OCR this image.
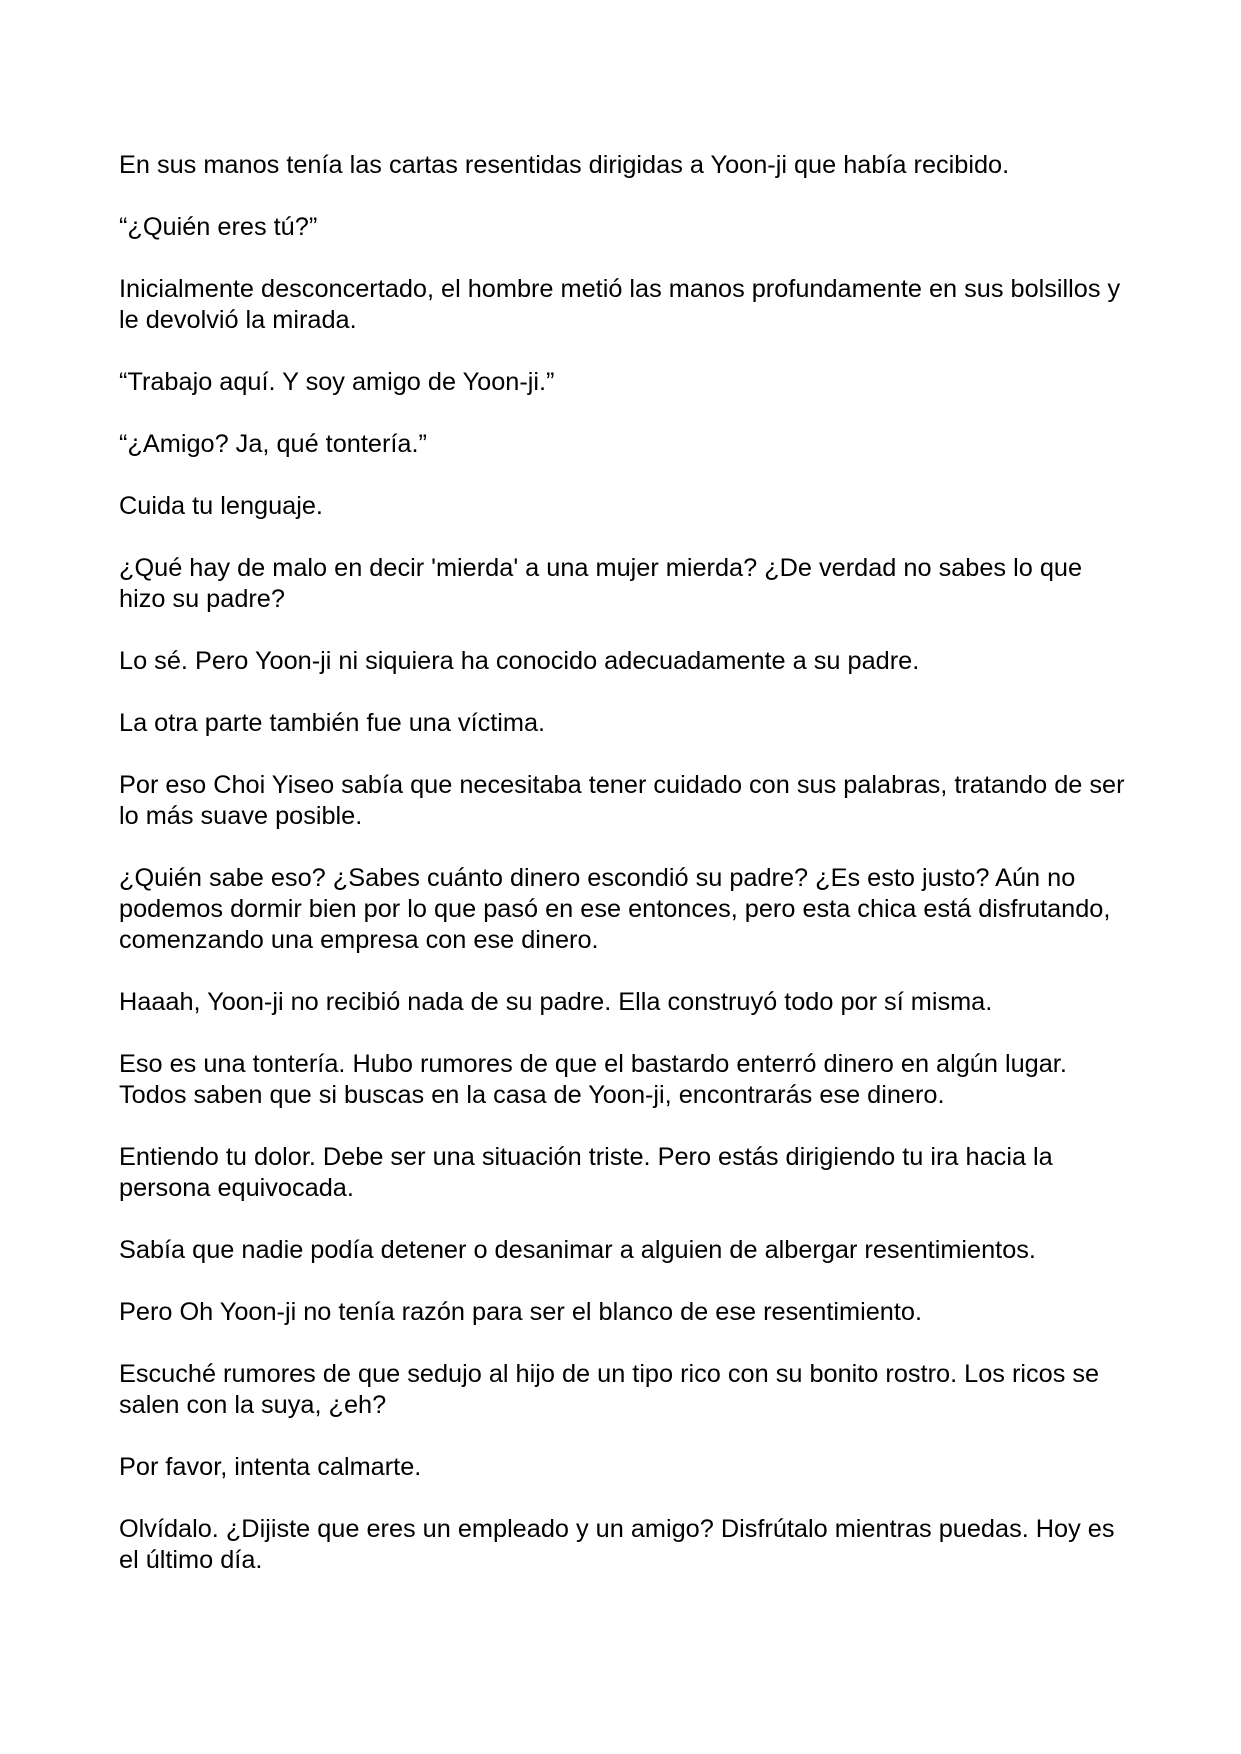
En sus manos tenía las cartas resentidas dirigidas a Yoon-ji que había recibido.

“¿Quién eres tú?”

Inicialmente desconcertado, el hombre metió las manos profundamente en sus bolsillos y le devolvió la mirada.

“Trabajo aquí. Y soy amigo de Yoon-ji.”

“¿Amigo? Ja, qué tontería.”

Cuida tu lenguaje.

¿Qué hay de malo en decir 'mierda' a una mujer mierda? ¿De verdad no sabes lo que hizo su padre?

Lo sé. Pero Yoon-ji ni siquiera ha conocido adecuadamente a su padre.

La otra parte también fue una víctima.

Por eso Choi Yiseo sabía que necesitaba tener cuidado con sus palabras, tratando de ser lo más suave posible.

¿Quién sabe eso? ¿Sabes cuánto dinero escondió su padre? ¿Es esto justo? Aún no podemos dormir bien por lo que pasó en ese entonces, pero esta chica está disfrutando, comenzando una empresa con ese dinero.

Haaah, Yoon-ji no recibió nada de su padre. Ella construyó todo por sí misma.

Eso es una tontería. Hubo rumores de que el bastardo enterró dinero en algún lugar. Todos saben que si buscas en la casa de Yoon-ji, encontrarás ese dinero.

Entiendo tu dolor. Debe ser una situación triste. Pero estás dirigiendo tu ira hacia la persona equivocada.

Sabía que nadie podía detener o desanimar a alguien de albergar resentimientos.

Pero Oh Yoon-ji no tenía razón para ser el blanco de ese resentimiento.

Escuché rumores de que sedujo al hijo de un tipo rico con su bonito rostro. Los ricos se salen con la suya, ¿eh?

Por favor, intenta calmarte.

Olvídalo. ¿Dijiste que eres un empleado y un amigo? Disfrútalo mientras puedas. Hoy es el último día.
